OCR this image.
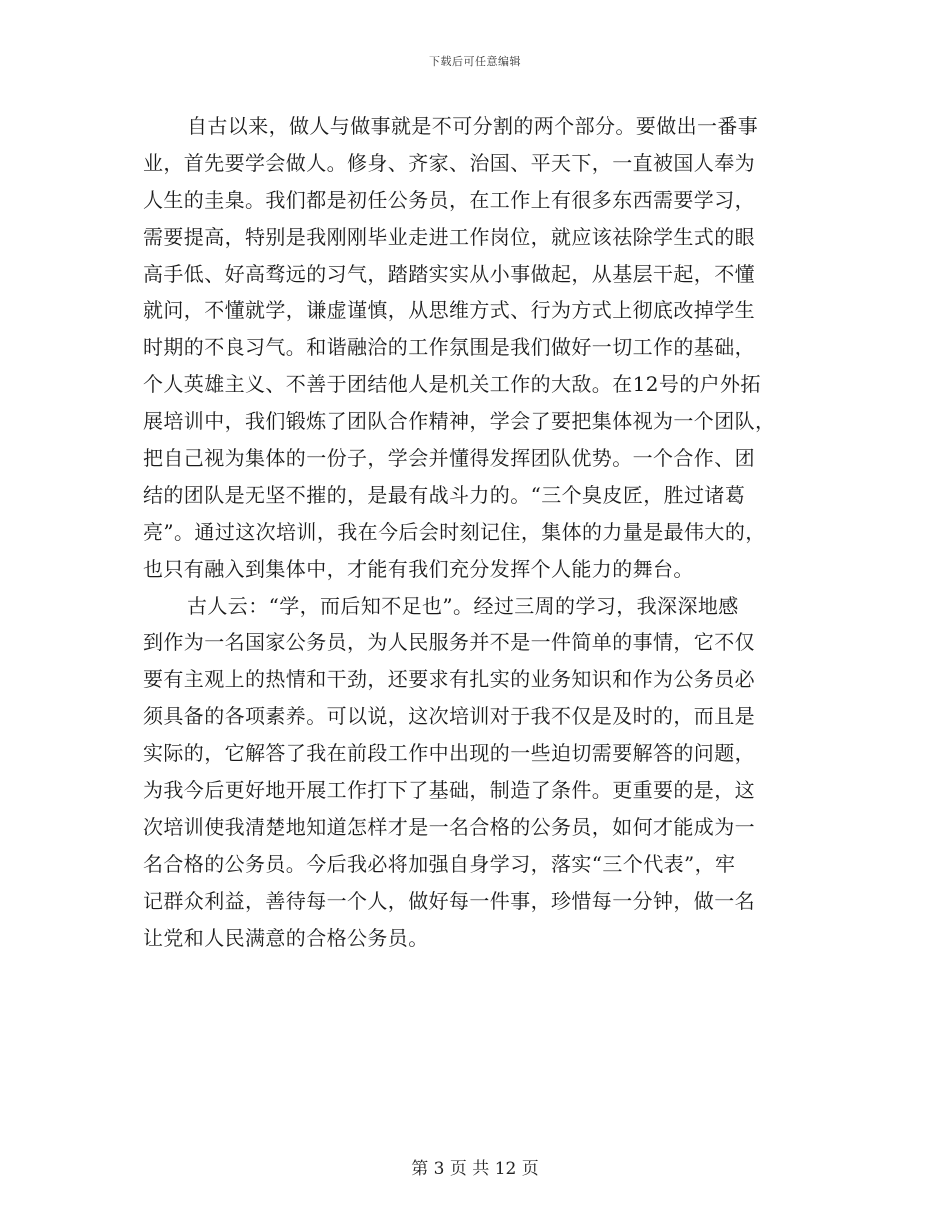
下载后可任意编辑
自古以来，做人与做事就是不可分割的两个部分。要做出一番事
业，首先要学会做人。修身、齐家、治国、平天下，一直被国人奉为
人生的圭臬。我们都是初任公务员，在工作上有很多东西需要学习，
需要提高，特别是我刚刚毕业走进工作岗位，就应该祛除学生式的眼
高手低、好高骛远的习气，踏踏实实从小事做起，从基层干起，不懂
就问，不懂就学，谦虚谨慎，从思维方式、行为方式上彻底改掉学生
时期的不良习气。和谐融洽的工作氛围是我们做好一切工作的基础，
个人英雄主义、不善于团结他人是机关工作的大敌。在12号的户外拓
展培训中，我们锻炼了团队合作精神，学会了要把集体视为一个团队，
把自己视为集体的一份子，学会并懂得发挥团队优势。一个合作、团
结的团队是无坚不摧的，是最有战斗力的。“三个臭皮匠，胜过诸葛
亮”。通过这次培训，我在今后会时刻记住，集体的力量是最伟大的，
也只有融入到集体中，才能有我们充分发挥个人能力的舞台。
古人云：“学，而后知不足也”。经过三周的学习，我深深地感
到作为一名国家公务员，为人民服务并不是一件简单的事情，它不仅
要有主观上的热情和干劲，还要求有扎实的业务知识和作为公务员必
须具备的各项素养。可以说，这次培训对于我不仅是及时的，而且是
实际的，它解答了我在前段工作中出现的一些迫切需要解答的问题，
为我今后更好地开展工作打下了基础，制造了条件。更重要的是，这
次培训使我清楚地知道怎样才是一名合格的公务员，如何才能成为一
名合格的公务员。今后我必将加强自身学习，落实“三个代表”，牢
记群众利益，善待每一个人，做好每一件事，珍惜每一分钟，做一名
让党和人民满意的合格公务员。
第 3 页 共 12 页
